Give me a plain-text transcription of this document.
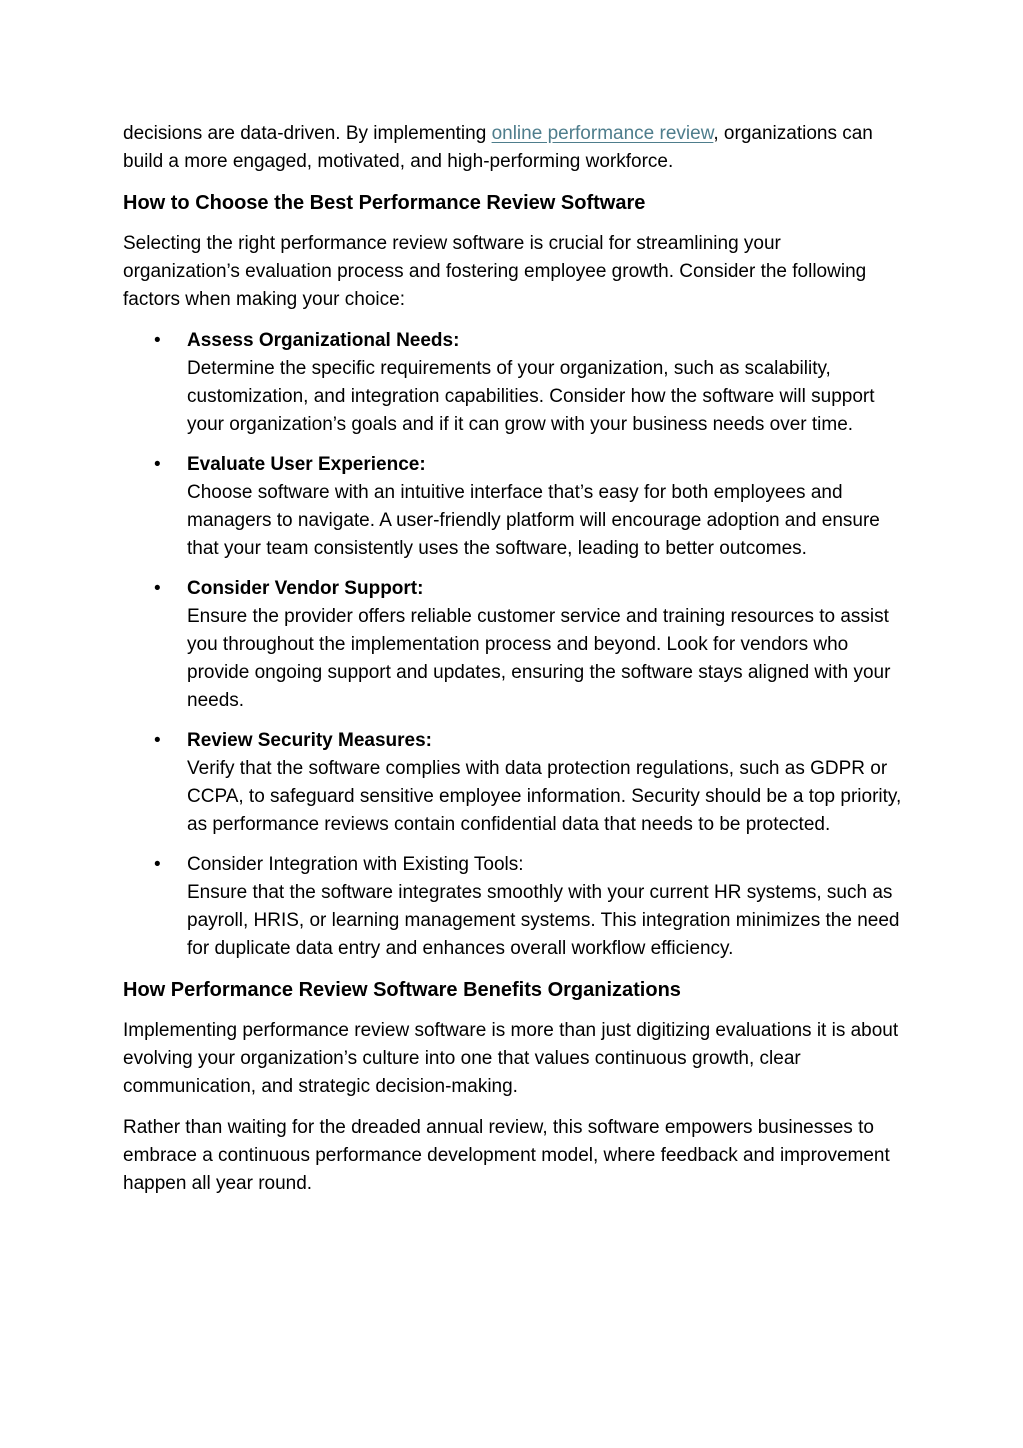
decisions are data-driven. By implementing online performance review, organizations can build a more engaged, motivated, and high-performing workforce.

How to Choose the Best Performance Review Software

Selecting the right performance review software is crucial for streamlining your organization’s evaluation process and fostering employee growth. Consider the following factors when making your choice:

• Assess Organizational Needs:
Determine the specific requirements of your organization, such as scalability, customization, and integration capabilities. Consider how the software will support your organization’s goals and if it can grow with your business needs over time.
• Evaluate User Experience:
Choose software with an intuitive interface that’s easy for both employees and managers to navigate. A user-friendly platform will encourage adoption and ensure that your team consistently uses the software, leading to better outcomes.
• Consider Vendor Support:
Ensure the provider offers reliable customer service and training resources to assist you throughout the implementation process and beyond. Look for vendors who provide ongoing support and updates, ensuring the software stays aligned with your needs.
• Review Security Measures:
Verify that the software complies with data protection regulations, such as GDPR or CCPA, to safeguard sensitive employee information. Security should be a top priority, as performance reviews contain confidential data that needs to be protected.
• Consider Integration with Existing Tools:
Ensure that the software integrates smoothly with your current HR systems, such as payroll, HRIS, or learning management systems. This integration minimizes the need for duplicate data entry and enhances overall workflow efficiency.
How Performance Review Software Benefits Organizations

Implementing performance review software is more than just digitizing evaluations it is about evolving your organization’s culture into one that values continuous growth, clear communication, and strategic decision-making.

Rather than waiting for the dreaded annual review, this software empowers businesses to embrace a continuous performance development model, where feedback and improvement happen all year round.
